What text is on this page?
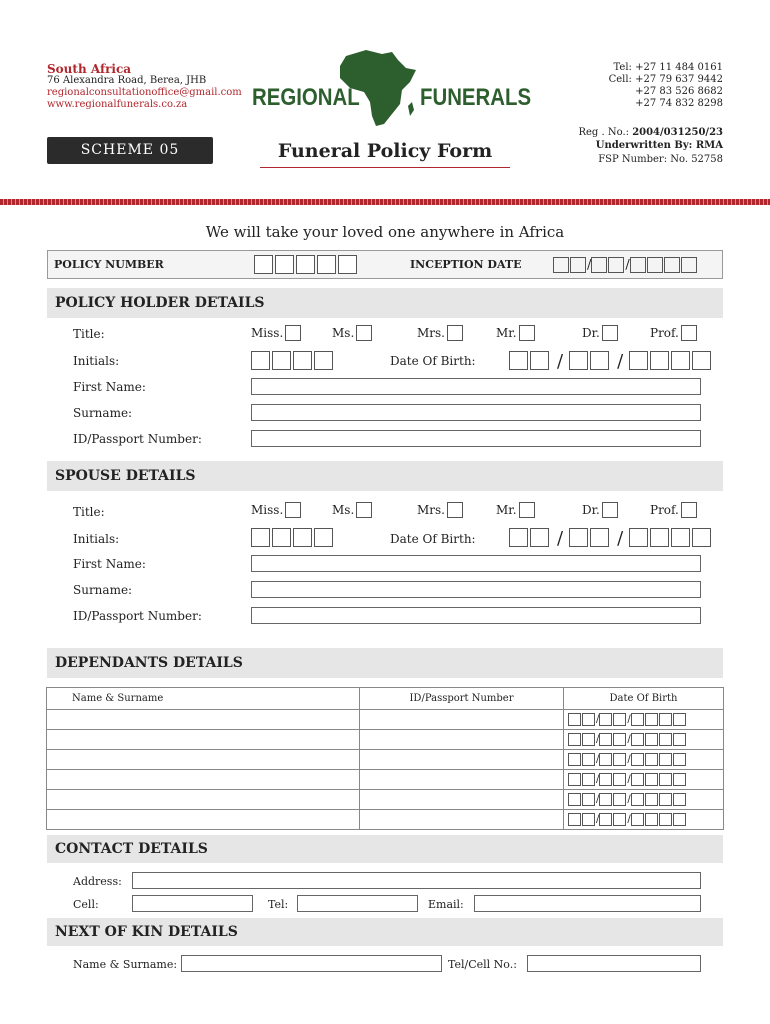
South Africa
76 Alexandra Road, Berea, JHB
regionalconsultationoffice@gmail.com
www.regionalfunerals.co.za	REGIONAL	FUNERALS
Tel: +27 11 484 0161
Cell: +27 79 637 9442
+27 83 526 8682
+27 74 832 8298
SCHEME 05	Funeral Policy Form
Reg . No.: 2004/031250/23
Underwritten By: RMA
FSP Number: No. 52758
We will take your loved one anywhere in Africa
POLICY NUMBER	INCEPTION DATE	/	/
POLICY HOLDER DETAILS
Title:	Miss.	Ms.	Mrs.	Mr.	Dr.	Prof.
Initials:	Date Of Birth:	/	/
First Name:
Surname:
ID/Passport Number:
SPOUSE DETAILS
Title:	Miss.	Ms.	Mrs.	Mr.	Dr.	Prof.
Initials:	Date Of Birth:	/	/
First Name:
Surname:
ID/Passport Number:
DEPENDANTS DETAILS
Name & Surname	ID/Passport Number	Date Of Birth
		/ /
		/ /
		/ /
		/ /
		/ /
		/ /
CONTACT DETAILS
Address:
Cell:	Tel:	Email:
NEXT OF KIN DETAILS
Name & Surname:	Tel/Cell No.:
